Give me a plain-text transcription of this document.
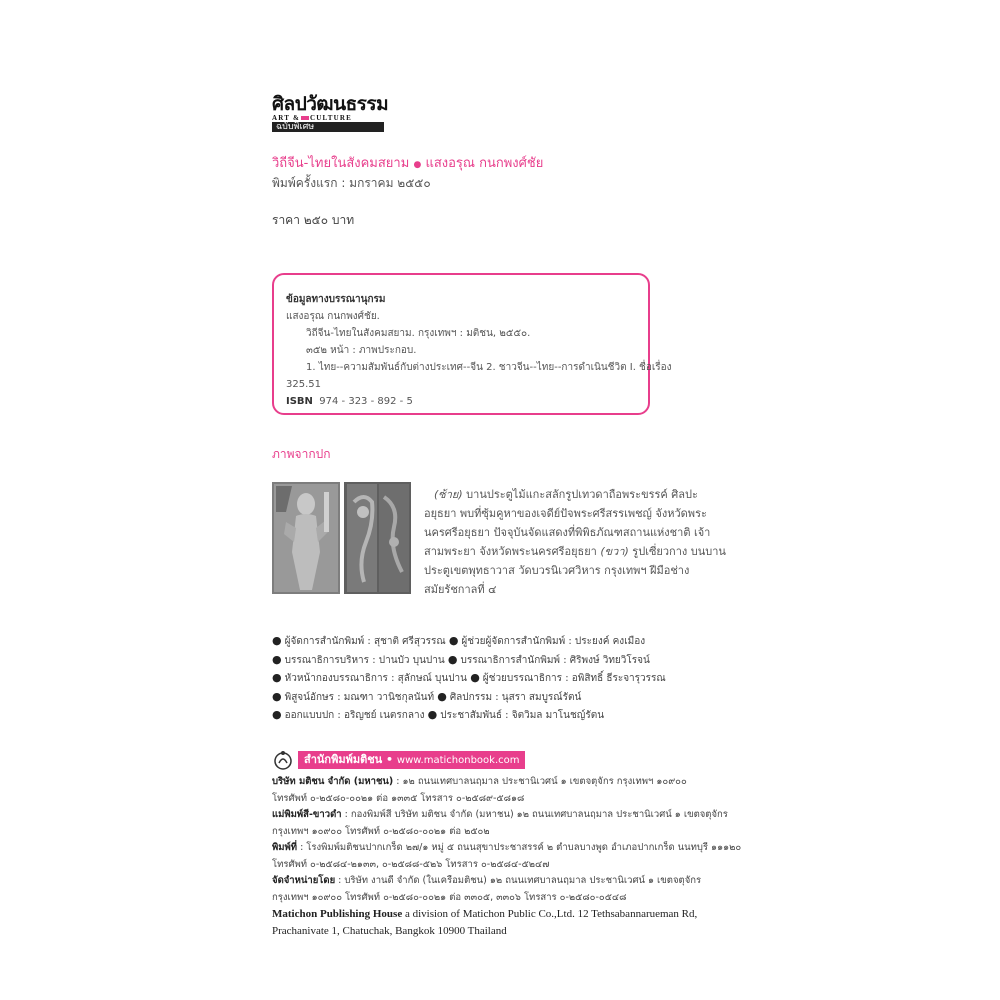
ศิลปวัฒนธรรม
ART & CULTURE
ฉบับพิเศษ
วิถีจีน-ไทยในสังคมสยาม ● แสงอรุณ กนกพงศ์ชัย
พิมพ์ครั้งแรก : มกราคม ๒๕๕๐
ราคา ๒๕๐ บาท
ข้อมูลทางบรรณานุกรม
แสงอรุณ กนกพงศ์ชัย.
วิถีจีน-ไทยในสังคมสยาม. กรุงเทพฯ : มติชน, ๒๕๕๐.
๓๕๒ หน้า : ภาพประกอบ.
1. ไทย--ความสัมพันธ์กับต่างประเทศ--จีน 2. ชาวจีน--ไทย--การดำเนินชีวิต I. ชื่อเรื่อง
325.51
ISBN 974 - 323 - 892 - 5
ภาพจากปก
(ซ้าย) บานประตูไม้แกะสลักรูปเทวดาถือพระขรรค์ ศิลปะ
อยุธยา พบที่ซุ้มคูหาของเจดีย์ปัจพระศรีสรรเพชญ์ จังหวัดพระ
นครศรีอยุธยา ปัจจุบันจัดแสดงที่พิพิธภัณฑสถานแห่งชาติ เจ้า
สามพระยา จังหวัดพระนครศรีอยุธยา (ขวา) รูปเซี่ยวกาง บนบาน
ประตูเขตพุทธาวาส วัดบวรนิเวศวิหาร กรุงเทพฯ ฝีมือช่าง
สมัยรัชกาลที่ ๔
● ผู้จัดการสำนักพิมพ์ : สุชาติ ศรีสุวรรณ ● ผู้ช่วยผู้จัดการสำนักพิมพ์ : ประยงค์ คงเมือง
● บรรณาธิการบริหาร : ปานบัว บุนปาน ● บรรณาธิการสำนักพิมพ์ : ศิริพงษ์ วิทยวิโรจน์
● หัวหน้ากองบรรณาธิการ : สุลักษณ์ บุนปาน ● ผู้ช่วยบรรณาธิการ : อพิสิทธิ์ ธีระจารุวรรณ
● พิสูจน์อักษร : มณฑา วานิชกุลนันท์ ● ศิลปกรรม : นุสรา สมบูรณ์รัตน์
● ออกแบบปก : อริญชย์ เนตรกลาง ● ประชาสัมพันธ์ : จิตวิมล มาโนชญ์รัตน
สำนักพิมพ์มติชน • www.matichonbook.com
บริษัท มติชน จำกัด (มหาชน) : ๑๒ ถนนเทศบาลนฤมาล ประชานิเวศน์ ๑ เขตจตุจักร กรุงเทพฯ ๑๐๙๐๐
โทรศัพท์ ๐-๒๕๘๐-๐๐๒๑ ต่อ ๑๓๓๕ โทรสาร ๐-๒๕๘๙-๕๘๑๘
แม่พิมพ์สี-ขาวดำ : กองพิมพ์สี บริษัท มติชน จำกัด (มหาชน) ๑๒ ถนนเทศบาลนฤมาล ประชานิเวศน์ ๑ เขตจตุจักร
กรุงเทพฯ ๑๐๙๐๐ โทรศัพท์ ๐-๒๕๘๐-๐๐๒๑ ต่อ ๒๕๐๒
พิมพ์ที่ : โรงพิมพ์มติชนปากเกร็ด ๒๗/๑ หมู่ ๕ ถนนสุขาประชาสรรค์ ๒ ตำบลบางพูด อำเภอปากเกร็ด นนทบุรี ๑๑๑๒๐
โทรศัพท์ ๐-๒๕๘๔-๒๑๓๓, ๐-๒๕๘๘-๕๒๖ โทรสาร ๐-๒๕๘๔-๕๒๔๗
จัดจำหน่ายโดย : บริษัท งานดี จำกัด (ในเครือมติชน) ๑๒ ถนนเทศบาลนฤมาล ประชานิเวศน์ ๑ เขตจตุจักร
กรุงเทพฯ ๑๐๙๐๐ โทรศัพท์ ๐-๒๕๘๐-๐๐๒๑ ต่อ ๓๓๐๕, ๓๓๐๖ โทรสาร ๐-๒๕๘๐-๐๕๔๘
Matichon Publishing House a division of Matichon Public Co.,Ltd. 12 Tethsabannarueman Rd,
Prachanivate 1, Chatuchak, Bangkok 10900 Thailand
